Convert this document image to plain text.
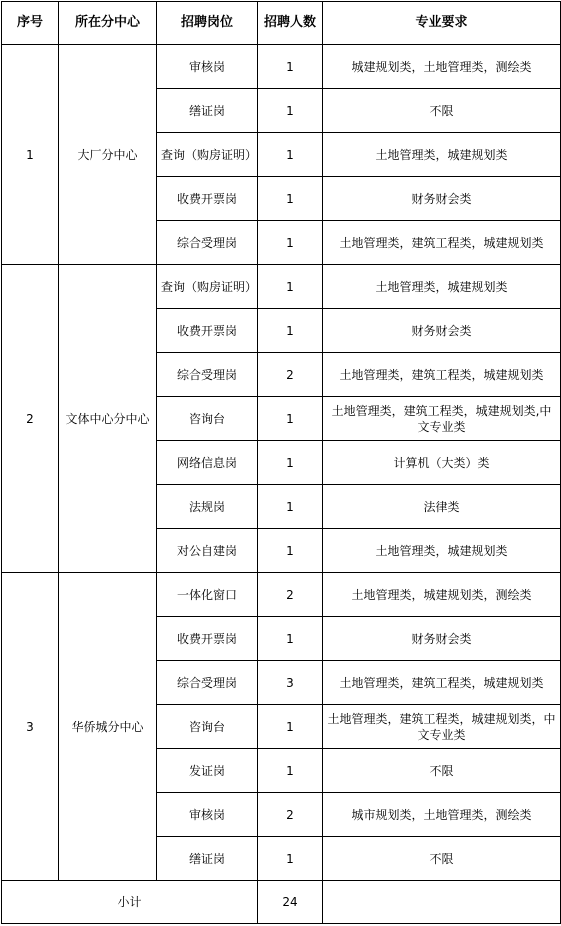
序号	所在分中心	招聘岗位	招聘人数	专业要求
1	大厂分中心	审核岗	1	城建规划类，土地管理类，测绘类
		缮证岗	1	不限
		查询（购房证明）	1	土地管理类，城建规划类
		收费开票岗	1	财务财会类
		综合受理岗	1	土地管理类，建筑工程类，城建规划类
2	文体中心分中心	查询（购房证明）	1	土地管理类，城建规划类
		收费开票岗	1	财务财会类
		综合受理岗	2	土地管理类，建筑工程类，城建规划类
		咨询台	1	土地管理类，建筑工程类，城建规划类,中文专业类
		网络信息岗	1	计算机（大类）类
		法规岗	1	法律类
		对公自建岗	1	土地管理类，城建规划类
3	华侨城分中心	一体化窗口	2	土地管理类，城建规划类，测绘类
		收费开票岗	1	财务财会类
		综合受理岗	3	土地管理类，建筑工程类，城建规划类
		咨询台	1	土地管理类，建筑工程类，城建规划类，中文专业类
		发证岗	1	不限
		审核岗	2	城市规划类，土地管理类，测绘类
		缮证岗	1	不限
小计			24	
